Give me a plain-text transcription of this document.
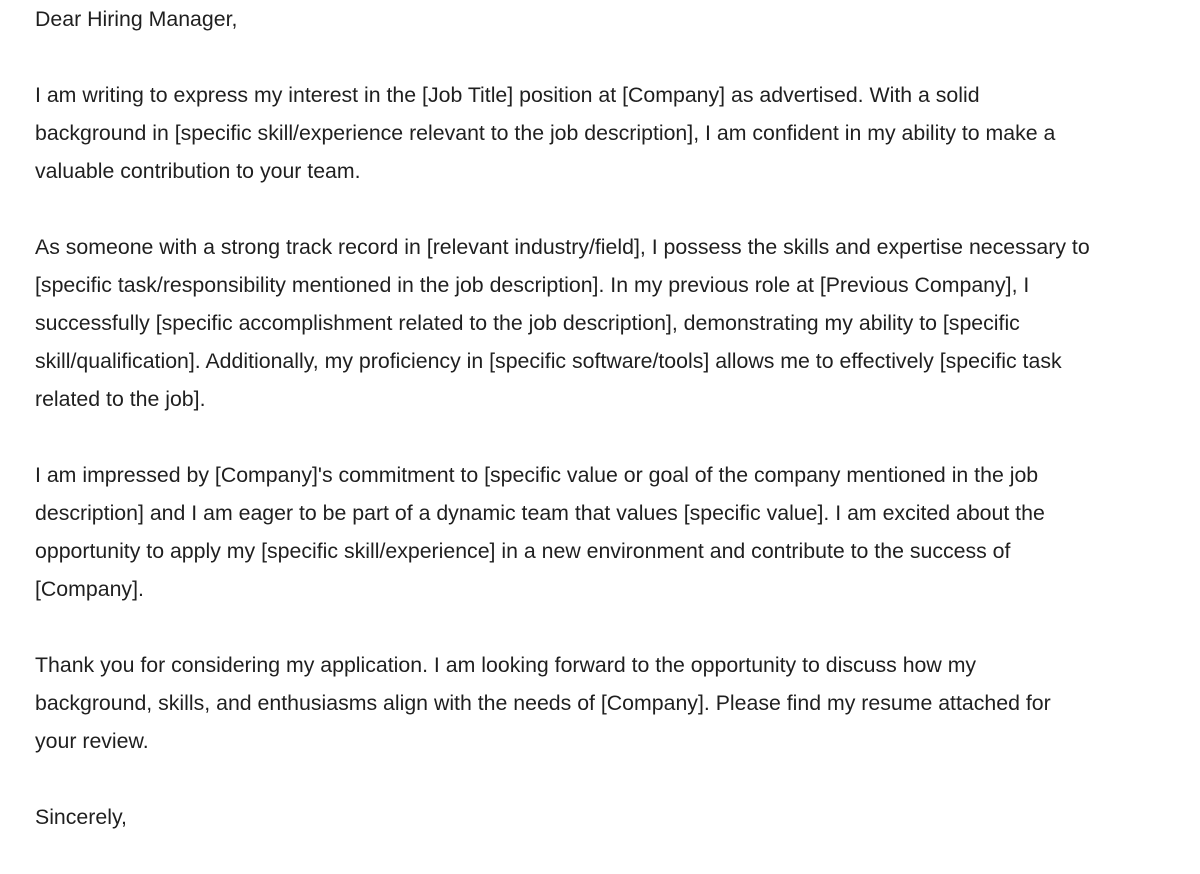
Dear Hiring Manager,

I am writing to express my interest in the [Job Title] position at [Company] as advertised. With a solid
background in [specific skill/experience relevant to the job description], I am confident in my ability to make a
valuable contribution to your team.

As someone with a strong track record in [relevant industry/field], I possess the skills and expertise necessary to
[specific task/responsibility mentioned in the job description]. In my previous role at [Previous Company], I
successfully [specific accomplishment related to the job description], demonstrating my ability to [specific
skill/qualification]. Additionally, my proficiency in [specific software/tools] allows me to effectively [specific task
related to the job].

I am impressed by [Company]'s commitment to [specific value or goal of the company mentioned in the job
description] and I am eager to be part of a dynamic team that values [specific value]. I am excited about the
opportunity to apply my [specific skill/experience] in a new environment and contribute to the success of
[Company].

Thank you for considering my application. I am looking forward to the opportunity to discuss how my
background, skills, and enthusiasms align with the needs of [Company]. Please find my resume attached for
your review.

Sincerely,
